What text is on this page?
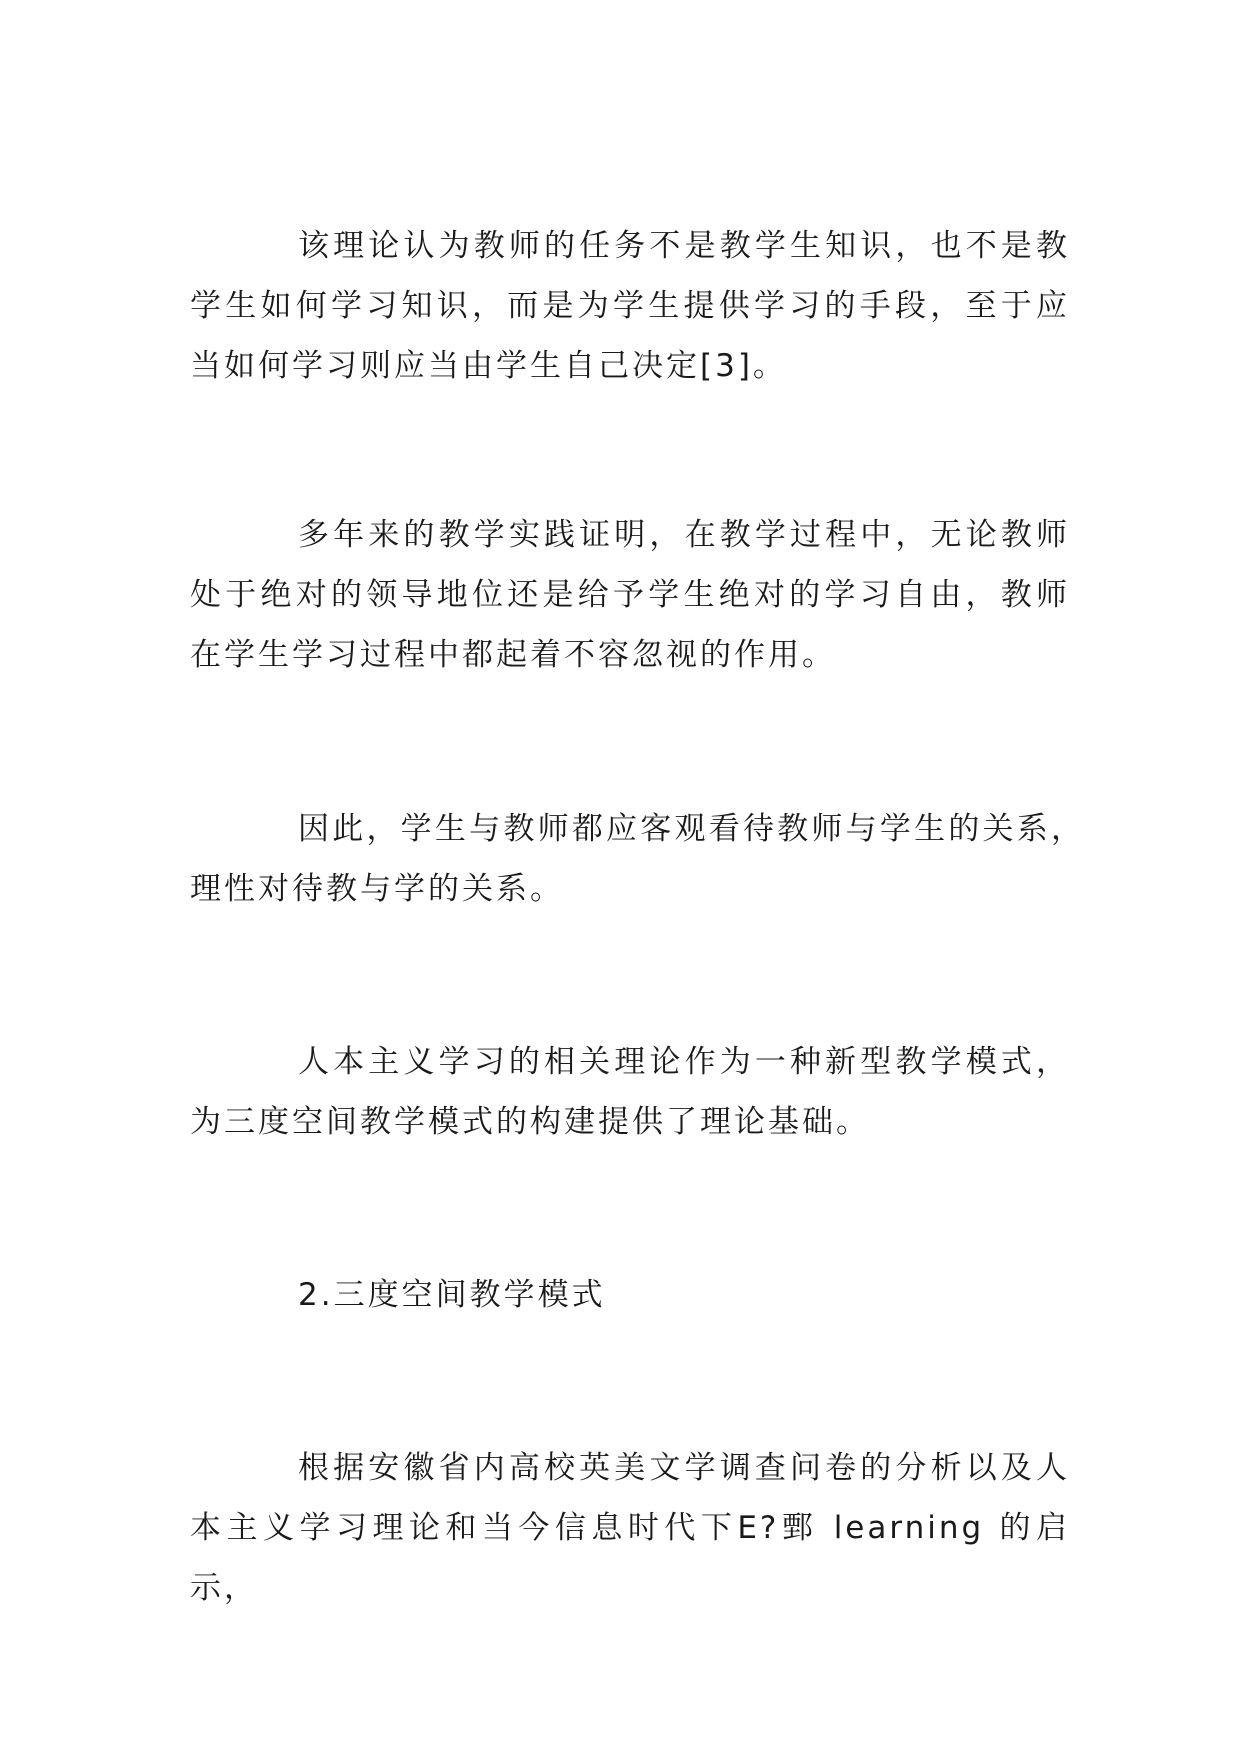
该理论认为教师的任务不是教学生知识，也不是教学生如何学习知识，而是为学生提供学习的手段，至于应当如何学习则应当由学生自己决定[3]。

多年来的教学实践证明，在教学过程中，无论教师处于绝对的领导地位还是给予学生绝对的学习自由，教师在学生学习过程中都起着不容忽视的作用。

因此，学生与教师都应客观看待教师与学生的关系，理性对待教与学的关系。

人本主义学习的相关理论作为一种新型教学模式，为三度空间教学模式的构建提供了理论基础。

2.三度空间教学模式

根据安徽省内高校英美文学调查问卷的分析以及人本主义学习理论和当今信息时代下E?鄄 learning 的启示，
